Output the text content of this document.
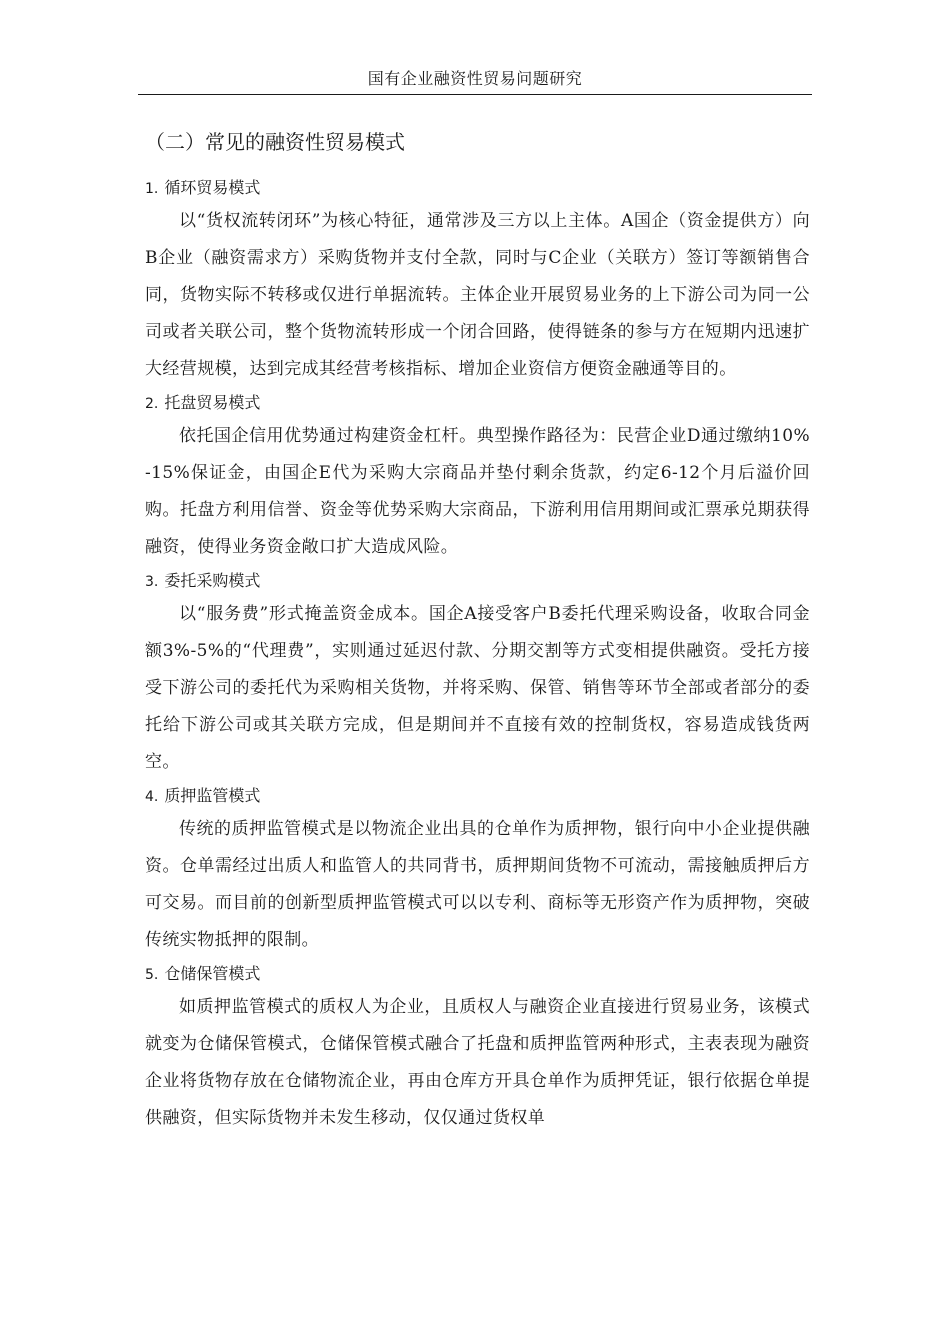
国有企业融资性贸易问题研究
（二）常见的融资性贸易模式
1. 循环贸易模式

以“货权流转闭环”为核心特征，通常涉及三方以上主体。A国企（资金提供方）向B企业（融资需求方）采购货物并支付全款，同时与C企业（关联方）签订等额销售合同，货物实际不转移或仅进行单据流转。主体企业开展贸易业务的上下游公司为同一公司或者关联公司，整个货物流转形成一个闭合回路，使得链条的参与方在短期内迅速扩大经营规模，达到完成其经营考核指标、增加企业资信方便资金融通等目的。

2. 托盘贸易模式

依托国企信用优势通过构建资金杠杆。典型操作路径为：民营企业D通过缴纳10%-15%保证金，由国企E代为采购大宗商品并垫付剩余货款，约定6-12个月后溢价回购。托盘方利用信誉、资金等优势采购大宗商品，下游利用信用期间或汇票承兑期获得融资，使得业务资金敞口扩大造成风险。

3. 委托采购模式

以“服务费”形式掩盖资金成本。国企A接受客户B委托代理采购设备，收取合同金额3%-5%的“代理费”，实则通过延迟付款、分期交割等方式变相提供融资。受托方接受下游公司的委托代为采购相关货物，并将采购、保管、销售等环节全部或者部分的委托给下游公司或其关联方完成，但是期间并不直接有效的控制货权，容易造成钱货两空。

4. 质押监管模式

传统的质押监管模式是以物流企业出具的仓单作为质押物，银行向中小企业提供融资。仓单需经过出质人和监管人的共同背书，质押期间货物不可流动，需接触质押后方可交易。而目前的创新型质押监管模式可以以专利、商标等无形资产作为质押物，突破传统实物抵押的限制。

5. 仓储保管模式

如质押监管模式的质权人为企业，且质权人与融资企业直接进行贸易业务，该模式就变为仓储保管模式，仓储保管模式融合了托盘和质押监管两种形式，主表表现为融资企业将货物存放在仓储物流企业，再由仓库方开具仓单作为质押凭证，银行依据仓单提供融资，但实际货物并未发生移动，仅仅通过货权单
